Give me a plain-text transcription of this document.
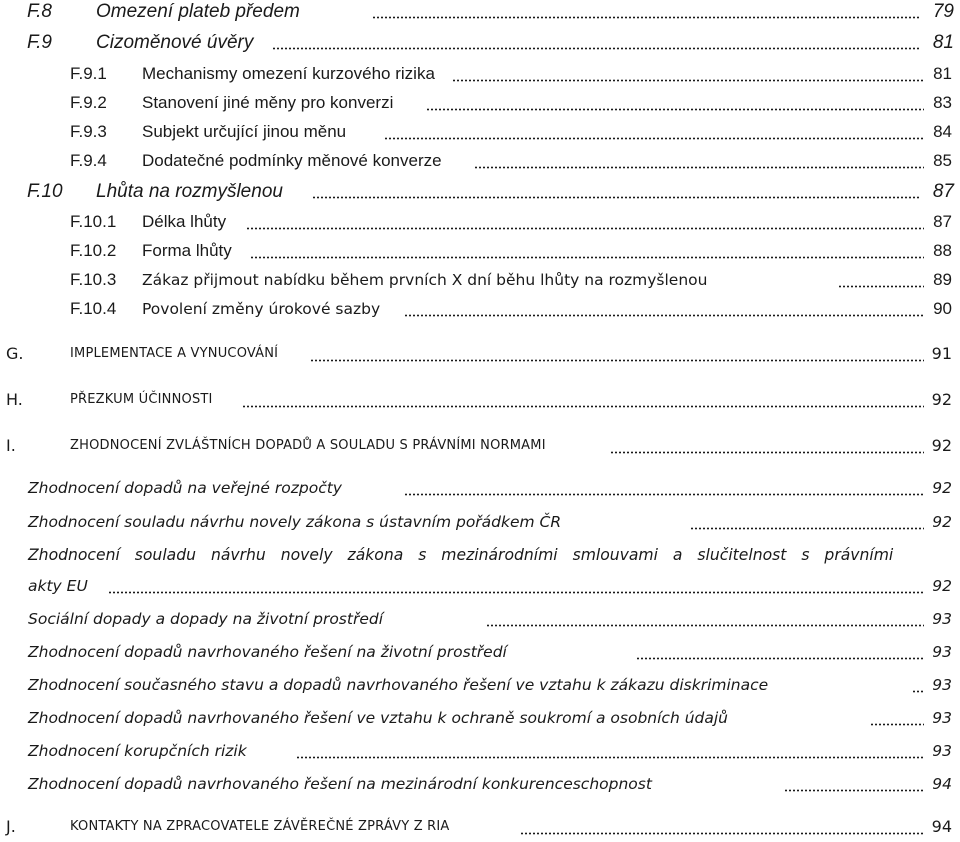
F.8 Omezení plateb předem	79
F.9 Cizoměnové úvěry	81
F.9.1 Mechanismy omezení kurzového rizika	81
F.9.2 Stanovení jiné měny pro konverzi	83
F.9.3 Subjekt určující jinou měnu	84
F.9.4 Dodatečné podmínky měnové konverze	85
F.10 Lhůta na rozmyšlenou	87
F.10.1 Délka lhůty	87
F.10.2 Forma lhůty	88
F.10.3 Zákaz přijmout nabídku během prvních X dní běhu lhůty na rozmyšlenou	89
F.10.4 Povolení změny úrokové sazby	90
G.	IMPLEMENTACE A VYNUCOVÁNÍ	91
H.	PŘEZKUM ÚČINNOSTI	92
I.	ZHODNOCENÍ ZVLÁŠTNÍCH DOPADŮ A SOULADU S PRÁVNÍMI NORMAMI	92
Zhodnocení dopadů na veřejné rozpočty	92
Zhodnocení souladu návrhu novely zákona s ústavním pořádkem ČR	92
Zhodnocení souladu návrhu novely zákona s mezinárodními smlouvami a slučitelnost s právními
akty EU	92
Sociální dopady a dopady na životní prostředí	93
Zhodnocení dopadů navrhovaného řešení na životní prostředí	93
Zhodnocení současného stavu a dopadů navrhovaného řešení ve vztahu k zákazu diskriminace	93
Zhodnocení dopadů navrhovaného řešení ve vztahu k ochraně soukromí a osobních údajů	93
Zhodnocení korupčních rizik	93
Zhodnocení dopadů navrhovaného řešení na mezinárodní konkurenceschopnost	94
J.	KONTAKTY NA ZPRACOVATELE ZÁVĚREČNÉ ZPRÁVY Z RIA	94
